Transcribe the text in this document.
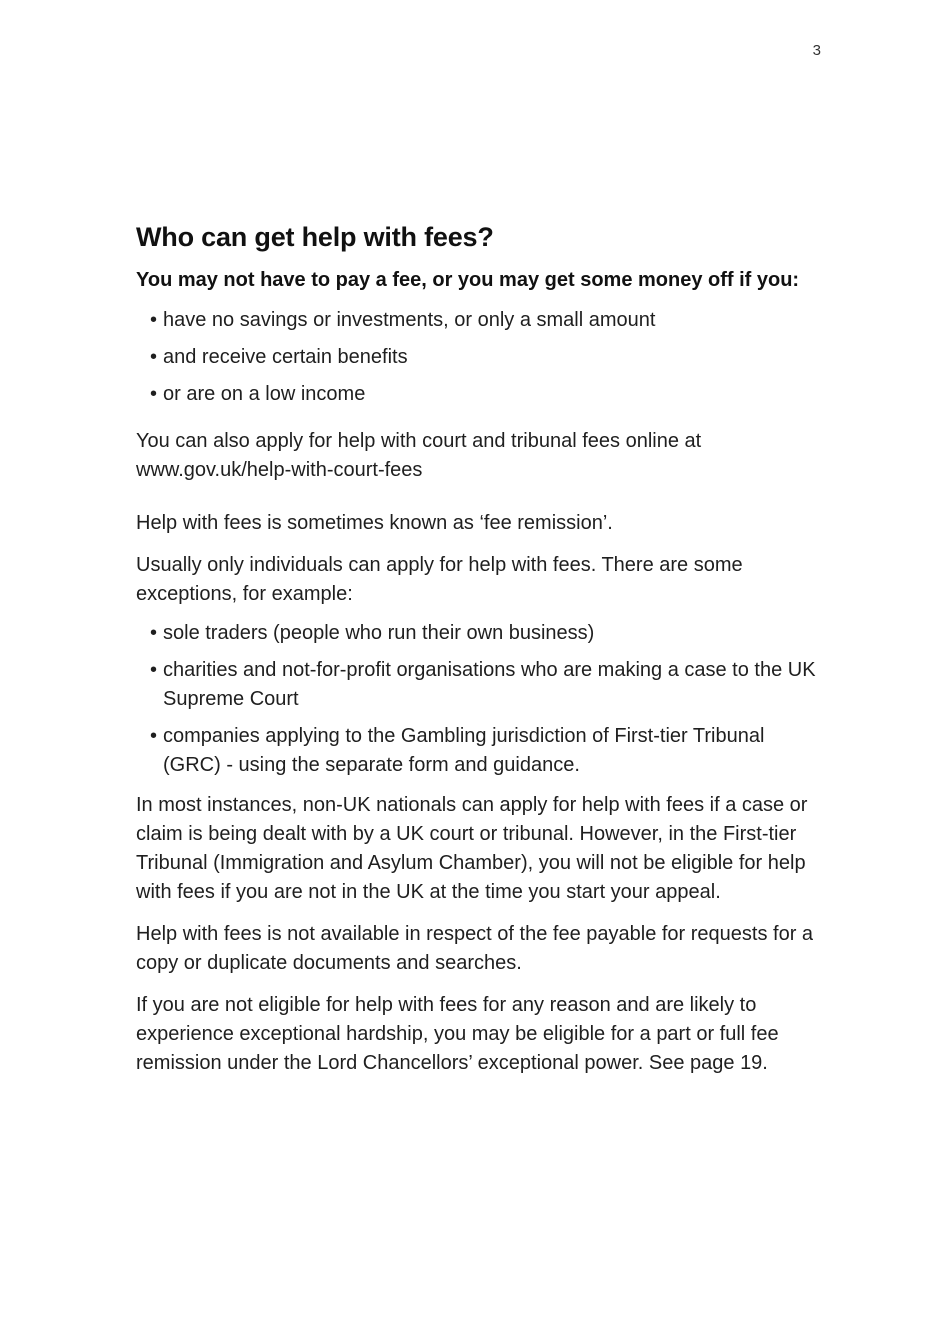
3
Who can get help with fees?
You may not have to pay a fee, or you may get some money off if you:
• have no savings or investments, or only a small amount
• and receive certain benefits
• or are on a low income

You can also apply for help with court and tribunal fees online at
www.gov.uk/help-with-court-fees

Help with fees is sometimes known as ‘fee remission’.

Usually only individuals can apply for help with fees. There are some exceptions, for example:

• sole traders (people who run their own business)
• charities and not-for-profit organisations who are making a case to the UK Supreme Court
• companies applying to the Gambling jurisdiction of First-tier Tribunal (GRC) - using the separate form and guidance.

In most instances, non-UK nationals can apply for help with fees if a case or claim is being dealt with by a UK court or tribunal. However, in the First-tier Tribunal (Immigration and Asylum Chamber), you will not be eligible for help with fees if you are not in the UK at the time you start your appeal.

Help with fees is not available in respect of the fee payable for requests for a copy or duplicate documents and searches.

If you are not eligible for help with fees for any reason and are likely to experience exceptional hardship, you may be eligible for a part or full fee remission under the Lord Chancellors’ exceptional power. See page 19.
